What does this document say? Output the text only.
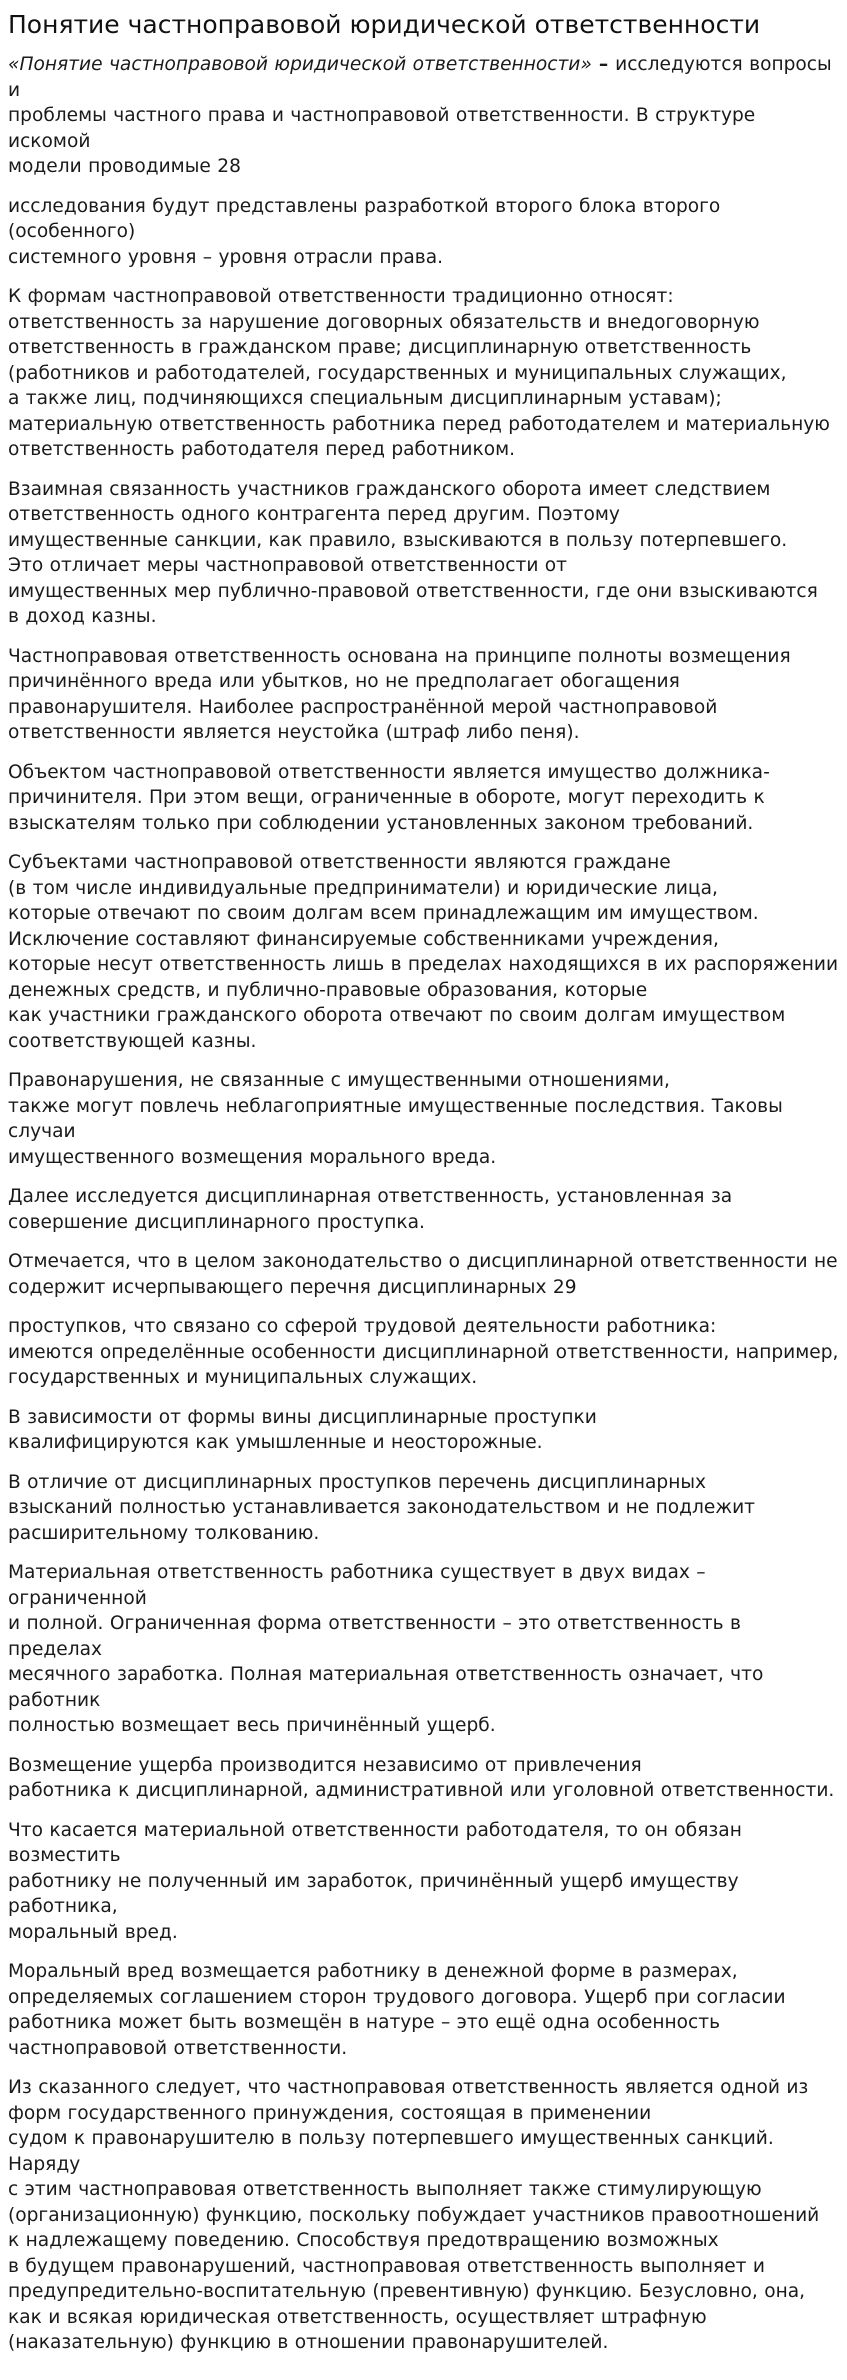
Понятие частноправовой юридической ответственности

«Понятие частноправовой юридической ответственности» – исследуются вопросы и
проблемы частного права и частноправовой ответственности. В структуре искомой
модели проводимые 28

исследования будут представлены разработкой второго блока второго (особенного)
системного уровня – уровня отрасли права.

К формам частноправовой ответственности традиционно относят:
ответственность за нарушение договорных обязательств и внедоговорную
ответственность в гражданском праве; дисциплинарную ответственность
(работников и работодателей, государственных и муниципальных служащих,
а также лиц, подчиняющихся специальным дисциплинарным уставам);
материальную ответственность работника перед работодателем и материальную
ответственность работодателя перед работником.

Взаимная связанность участников гражданского оборота имеет следствием
ответственность одного контрагента перед другим. Поэтому
имущественные санкции, как правило, взыскиваются в пользу потерпевшего.
Это отличает меры частноправовой ответственности от
имущественных мер публично-правовой ответственности, где они взыскиваются
в доход казны.

Частноправовая ответственность основана на принципе полноты возмещения
причинённого вреда или убытков, но не предполагает обогащения
правонарушителя. Наиболее распространённой мерой частноправовой
ответственности является неустойка (штраф либо пеня).

Объектом частноправовой ответственности является имущество должника-
причинителя. При этом вещи, ограниченные в обороте, могут переходить к
взыскателям только при соблюдении установленных законом требований.

Субъектами частноправовой ответственности являются граждане
(в том числе индивидуальные предприниматели) и юридические лица,
которые отвечают по своим долгам всем принадлежащим им имуществом.
Исключение составляют финансируемые собственниками учреждения,
которые несут ответственность лишь в пределах находящихся в их распоряжении
денежных средств, и публично-правовые образования, которые
как участники гражданского оборота отвечают по своим долгам имуществом
соответствующей казны.

Правонарушения, не связанные с имущественными отношениями,
также могут повлечь неблагоприятные имущественные последствия. Таковы случаи
имущественного возмещения морального вреда.

Далее исследуется дисциплинарная ответственность, установленная за
совершение дисциплинарного проступка.

Отмечается, что в целом законодательство о дисциплинарной ответственности не
содержит исчерпывающего перечня дисциплинарных 29

проступков, что связано со сферой трудовой деятельности работника:
имеются определённые особенности дисциплинарной ответственности, например,
государственных и муниципальных служащих.

В зависимости от формы вины дисциплинарные проступки
квалифицируются как умышленные и неосторожные.

В отличие от дисциплинарных проступков перечень дисциплинарных
взысканий полностью устанавливается законодательством и не подлежит
расширительному толкованию.

Материальная ответственность работника существует в двух видах – ограниченной
и полной. Ограниченная форма ответственности – это ответственность в пределах
месячного заработка. Полная материальная ответственность означает, что работник
полностью возмещает весь причинённый ущерб.

Возмещение ущерба производится независимо от привлечения
работника к дисциплинарной, административной или уголовной ответственности.

Что касается материальной ответственности работодателя, то он обязан возместить
работнику не полученный им заработок, причинённый ущерб имуществу работника,
моральный вред.

Моральный вред возмещается работнику в денежной форме в размерах,
определяемых соглашением сторон трудового договора. Ущерб при согласии
работника может быть возмещён в натуре – это ещё одна особенность
частноправовой ответственности.

Из сказанного следует, что частноправовая ответственность является одной из
форм государственного принуждения, состоящая в применении
судом к правонарушителю в пользу потерпевшего имущественных санкций. Наряду
с этим частноправовая ответственность выполняет также стимулирующую
(организационную) функцию, поскольку побуждает участников правоотношений
к надлежащему поведению. Способствуя предотвращению возможных
в будущем правонарушений, частноправовая ответственность выполняет и
предупредительно-воспитательную (превентивную) функцию. Безусловно, она,
как и всякая юридическая ответственность, осуществляет штрафную
(наказательную) функцию в отношении правонарушителей.
